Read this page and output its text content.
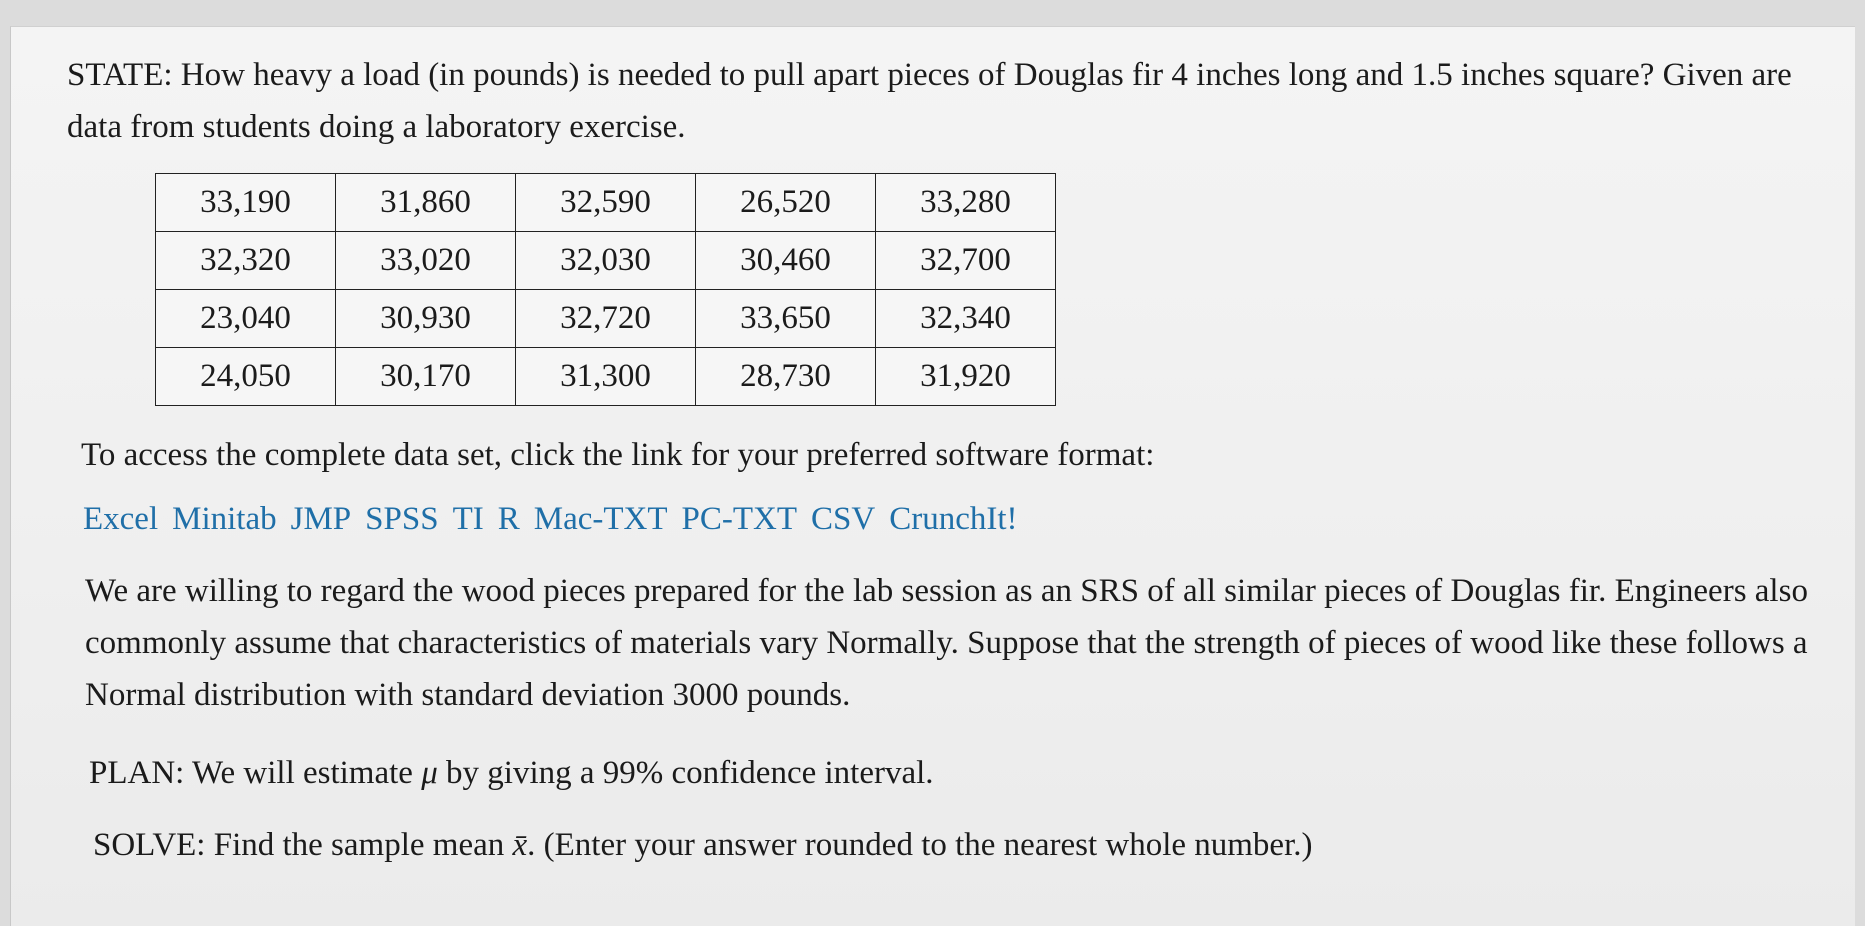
STATE: How heavy a load (in pounds) is needed to pull apart pieces of Douglas fir 4 inches long and 1.5 inches square? Given are data from students doing a laboratory exercise.

33,190	31,860	32,590	26,520	33,280
32,320	33,020	32,030	30,460	32,700
23,040	30,930	32,720	33,650	32,340
24,050	30,170	31,300	28,730	31,920

To access the complete data set, click the link for your preferred software format:

Excel Minitab JMP SPSS TI R Mac-TXT PC-TXT CSV CrunchIt!

We are willing to regard the wood pieces prepared for the lab session as an SRS of all similar pieces of Douglas fir. Engineers also commonly assume that characteristics of materials vary Normally. Suppose that the strength of pieces of wood like these follows a Normal distribution with standard deviation 3000 pounds.

PLAN: We will estimate μ by giving a 99% confidence interval.

SOLVE: Find the sample mean x̄. (Enter your answer rounded to the nearest whole number.)
